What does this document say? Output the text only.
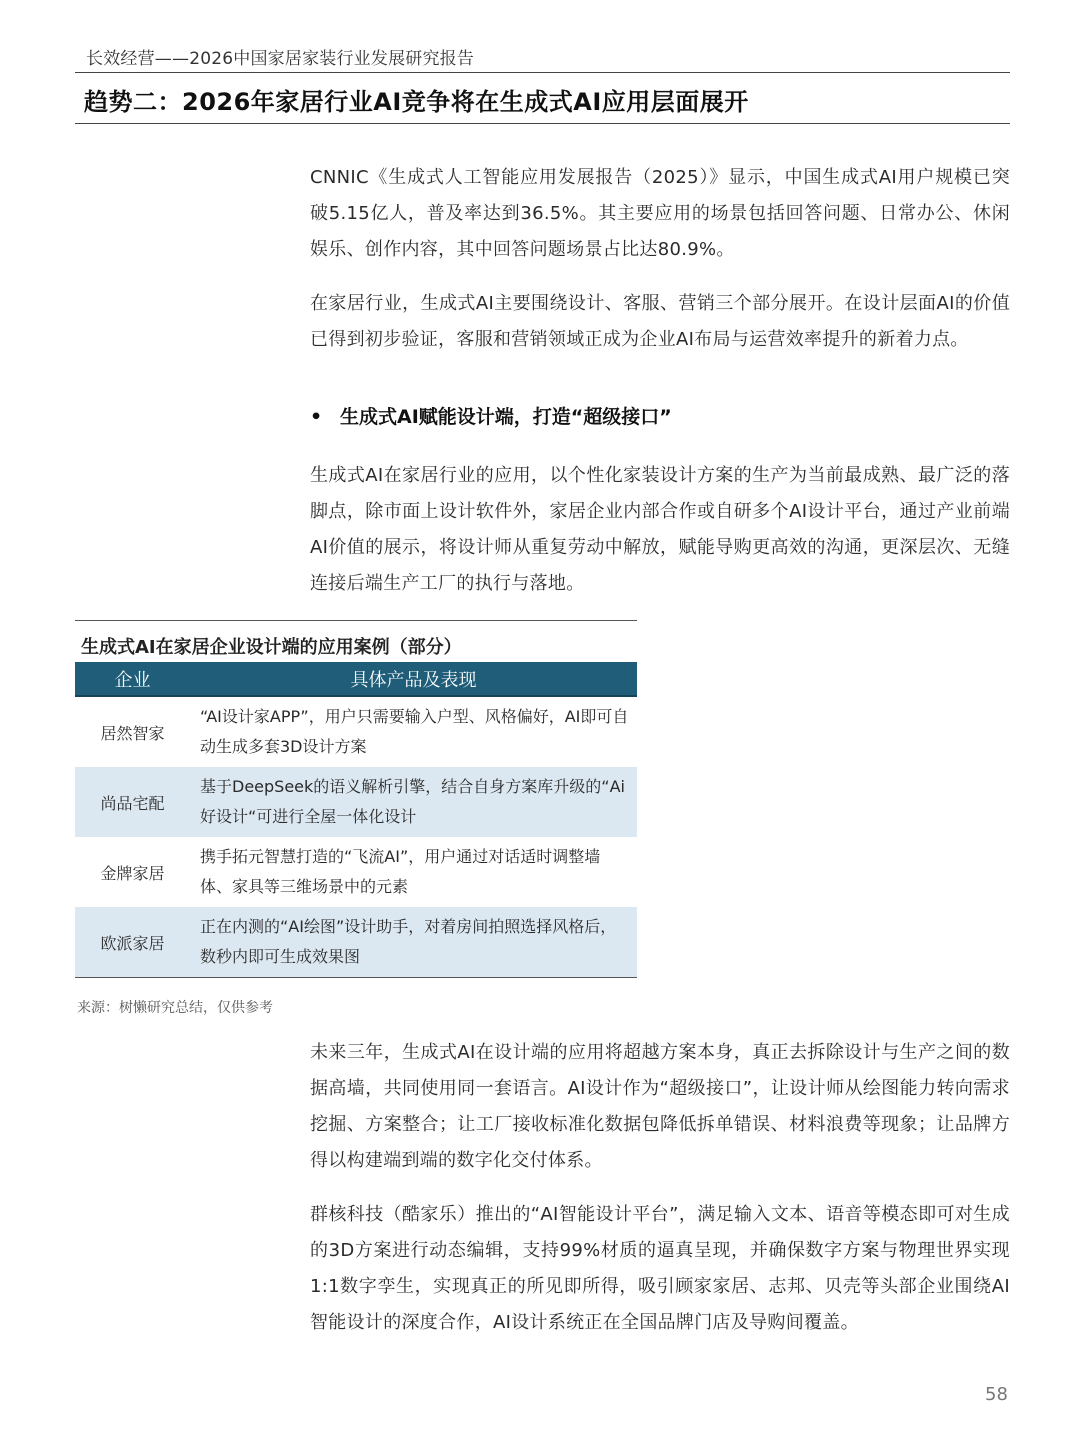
长效经营——2026中国家居家装行业发展研究报告
趋势二：2026年家居行业AI竞争将在生成式AI应用层面展开

CNNIC《生成式人工智能应用发展报告（2025）》显示，中国生成式AI用户规模已突破5.15亿人，普及率达到36.5%。其主要应用的场景包括回答问题、日常办公、休闲娱乐、创作内容，其中回答问题场景占比达80.9%。

在家居行业，生成式AI主要围绕设计、客服、营销三个部分展开。在设计层面AI的价值已得到初步验证，客服和营销领域正成为企业AI布局与运营效率提升的新着力点。

• 生成式AI赋能设计端，打造“超级接口”

生成式AI在家居行业的应用，以个性化家装设计方案的生产为当前最成熟、最广泛的落脚点，除市面上设计软件外，家居企业内部合作或自研多个AI设计平台，通过产业前端AI价值的展示，将设计师从重复劳动中解放，赋能导购更高效的沟通，更深层次、无缝连接后端生产工厂的执行与落地。

生成式AI在家居企业设计端的应用案例（部分）
企业	具体产品及表现
居然智家	“AI设计家APP”，用户只需要输入户型、风格偏好，AI即可自动生成多套3D设计方案
尚品宅配	基于DeepSeek的语义解析引擎，结合自身方案库升级的“Ai好设计“可进行全屋一体化设计
金牌家居	携手拓元智慧打造的“飞流AI”，用户通过对话适时调整墙体、家具等三维场景中的元素
欧派家居	正在内测的“AI绘图”设计助手，对着房间拍照选择风格后，数秒内即可生成效果图
来源：树懒研究总结，仅供参考

未来三年，生成式AI在设计端的应用将超越方案本身，真正去拆除设计与生产之间的数据高墙，共同使用同一套语言。AI设计作为“超级接口”，让设计师从绘图能力转向需求挖掘、方案整合；让工厂接收标准化数据包降低拆单错误、材料浪费等现象；让品牌方得以构建端到端的数字化交付体系。

群核科技（酷家乐）推出的“AI智能设计平台”，满足输入文本、语音等模态即可对生成的3D方案进行动态编辑，支持99%材质的逼真呈现，并确保数字方案与物理世界实现1:1数字孪生，实现真正的所见即所得，吸引顾家家居、志邦、贝壳等头部企业围绕AI智能设计的深度合作，AI设计系统正在全国品牌门店及导购间覆盖。

58
